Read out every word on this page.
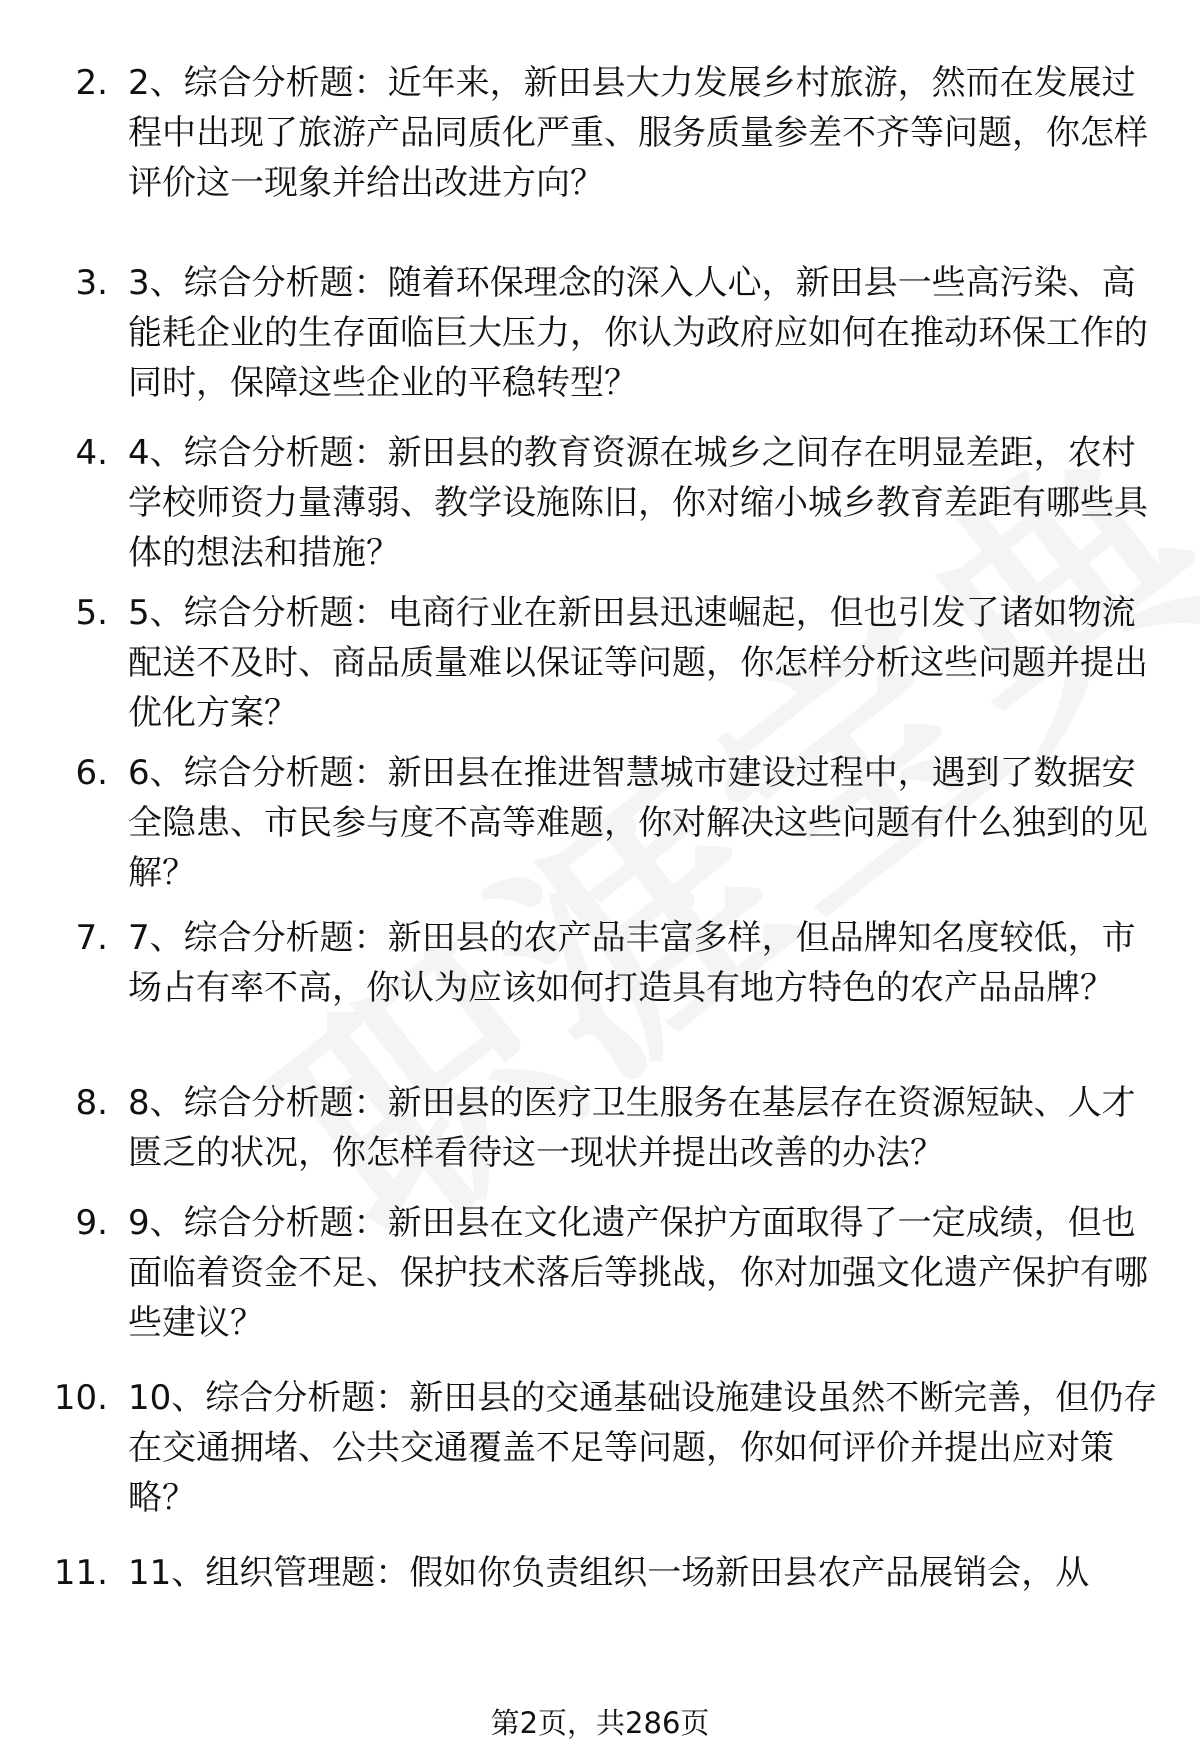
2. 2、综合分析题：近年来，新田县大力发展乡村旅游，然而在发展过程中出现了旅游产品同质化严重、服务质量参差不齐等问题，你怎样评价这一现象并给出改进方向？
3. 3、综合分析题：随着环保理念的深入人心，新田县一些高污染、高能耗企业的生存面临巨大压力，你认为政府应如何在推动环保工作的同时，保障这些企业的平稳转型？
4. 4、综合分析题：新田县的教育资源在城乡之间存在明显差距，农村学校师资力量薄弱、教学设施陈旧，你对缩小城乡教育差距有哪些具体的想法和措施？
5. 5、综合分析题：电商行业在新田县迅速崛起，但也引发了诸如物流配送不及时、商品质量难以保证等问题，你怎样分析这些问题并提出优化方案？
6. 6、综合分析题：新田县在推进智慧城市建设过程中，遇到了数据安全隐患、市民参与度不高等难题，你对解决这些问题有什么独到的见解？
7. 7、综合分析题：新田县的农产品丰富多样，但品牌知名度较低，市场占有率不高，你认为应该如何打造具有地方特色的农产品品牌？
8. 8、综合分析题：新田县的医疗卫生服务在基层存在资源短缺、人才匮乏的状况，你怎样看待这一现状并提出改善的办法？
9. 9、综合分析题：新田县在文化遗产保护方面取得了一定成绩，但也面临着资金不足、保护技术落后等挑战，你对加强文化遗产保护有哪些建议？
10. 10、综合分析题：新田县的交通基础设施建设虽然不断完善，但仍存在交通拥堵、公共交通覆盖不足等问题，你如何评价并提出应对策略？
11. 11、组织管理题：假如你负责组织一场新田县农产品展销会，从
第2页，共286页
